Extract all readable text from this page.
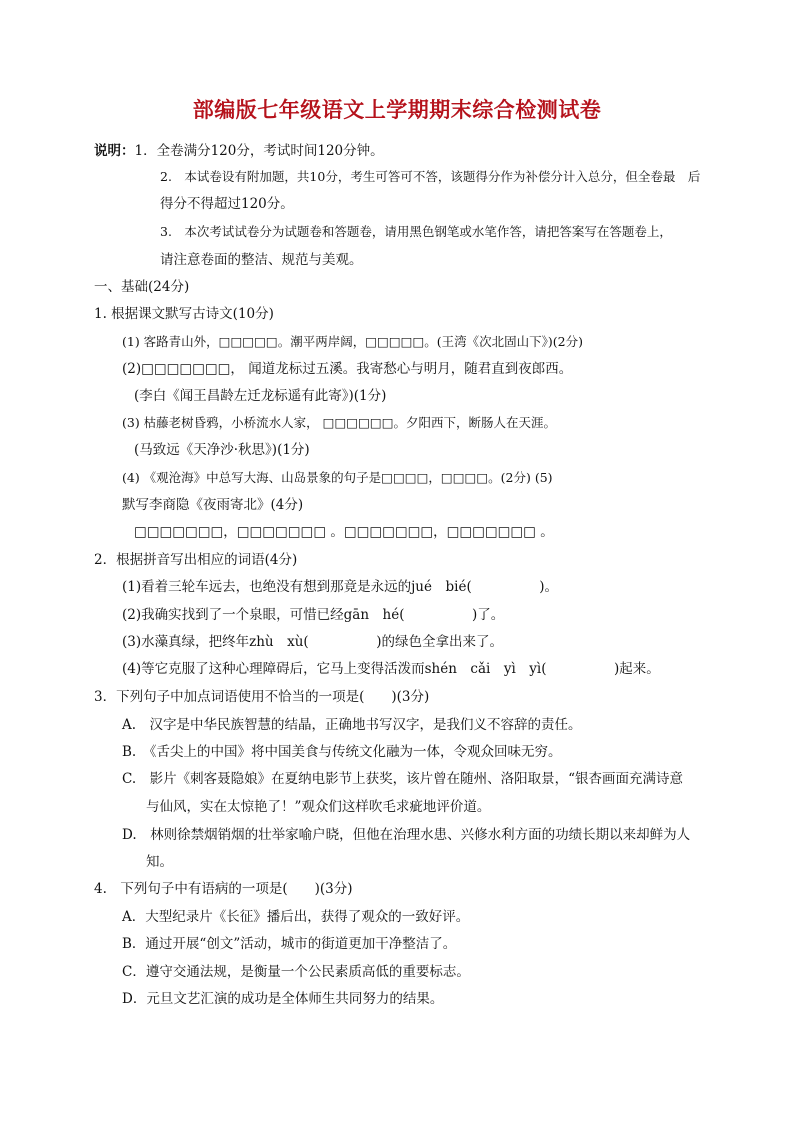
部编版七年级语文上学期期末综合检测试卷
说明：1．全卷满分120分，考试时间120分钟。
2.　本试卷设有附加题，共10分，考生可答可不答，该题得分作为补偿分计入总分，但全卷最　后
得分不得超过120分。
3.　本次考试试卷分为试题卷和答题卷，请用黑色钢笔或水笔作答，请把答案写在答题卷上，
请注意卷面的整洁、规范与美观。
一、基础(24分)
1. 根据课文默写古诗文(10分)
(1) 客路青山外，□□□□□。潮平两岸阔，□□□□□。(王湾《次北固山下》)(2分)
(2)□□□□□□□， 闻道龙标过五溪。我寄愁心与明月，随君直到夜郎西。
(李白《闻王昌龄左迁龙标遥有此寄》)(1分)
(3) 枯藤老树昏鸦，小桥流水人家， □□□□□□。夕阳西下，断肠人在天涯。
(马致远《天净沙·秋思》)(1分)
(4) 《观沧海》中总写大海、山岛景象的句子是□□□□，□□□□。(2分) (5)
默写李商隐《夜雨寄北》(4分)
□□□□□□□，□□□□□□□ 。□□□□□□□，□□□□□□□ 。
2．根据拼音写出相应的词语(4分)
(1)看着三轮车远去，也绝没有想到那竟是永远的jué　bié(　　　　　)。
(2)我确实找到了一个泉眼，可惜已经gān　hé(　　　　　)了。
(3)水藻真绿，把终年zhù　xù(　　　　　)的绿色全拿出来了。
(4)等它克服了这种心理障碍后，它马上变得活泼而shén　cǎi　yì　yì(　　　　　)起来。
3．下列句子中加点词语使用不恰当的一项是(　　)(3分)
A.　汉字是中华民族智慧的结晶，正确地书写汉字，是我们义不容辞的责任。
B.　《舌尖上的中国》将中国美食与传统文化融为一体，令观众回味无穷。
C.　影片《刺客聂隐娘》在夏纳电影节上获奖，该片曾在随州、洛阳取景，“银杏画面充满诗意
与仙风，实在太惊艳了！”观众们这样吹毛求疵地评价道。
D.　林则徐禁烟销烟的壮举家喻户晓，但他在治理水患、兴修水利方面的功绩长期以来却鲜为人
知。
4.　下列句子中有语病的一项是(　　)(3分)
A．大型纪录片《长征》播后出，获得了观众的一致好评。
B．通过开展“创文”活动，城市的街道更加干净整洁了。
C．遵守交通法规，是衡量一个公民素质高低的重要标志。
D．元旦文艺汇演的成功是全体师生共同努力的结果。
